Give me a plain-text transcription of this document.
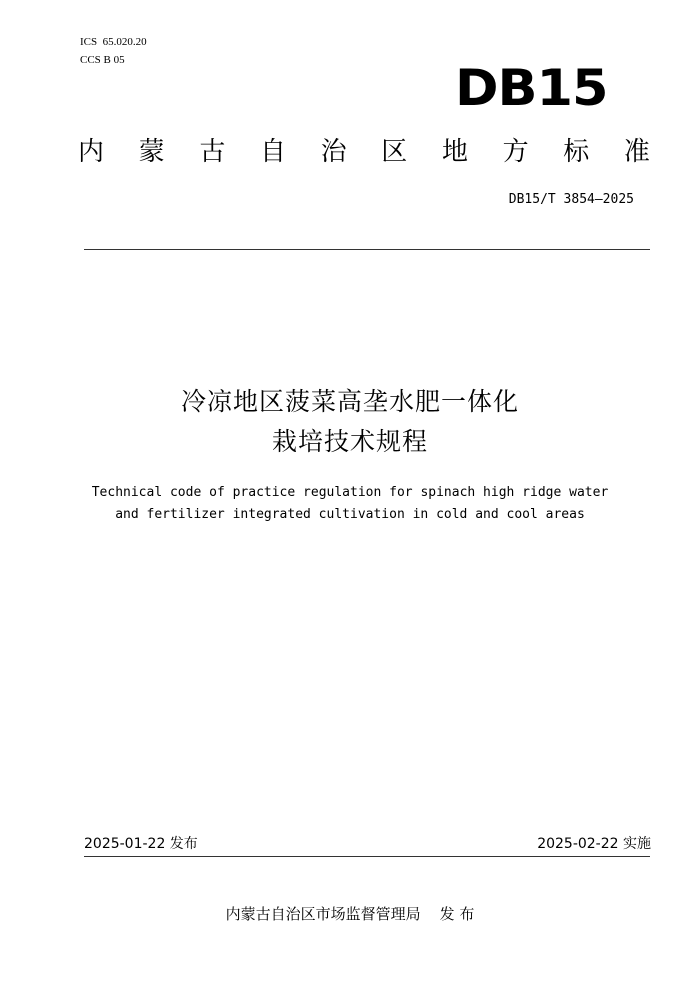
ICS  65.020.20
CCS B 05	DB15
内 蒙 古 自 治 区 地 方 标 准
DB15/T 3854—2025
冷凉地区菠菜高垄水肥一体化
栽培技术规程
Technical code of practice regulation for spinach high ridge water
and fertilizer integrated cultivation in cold and cool areas
2025-01-22 发布	2025-02-22 实施
内蒙古自治区市场监督管理局    发 布
